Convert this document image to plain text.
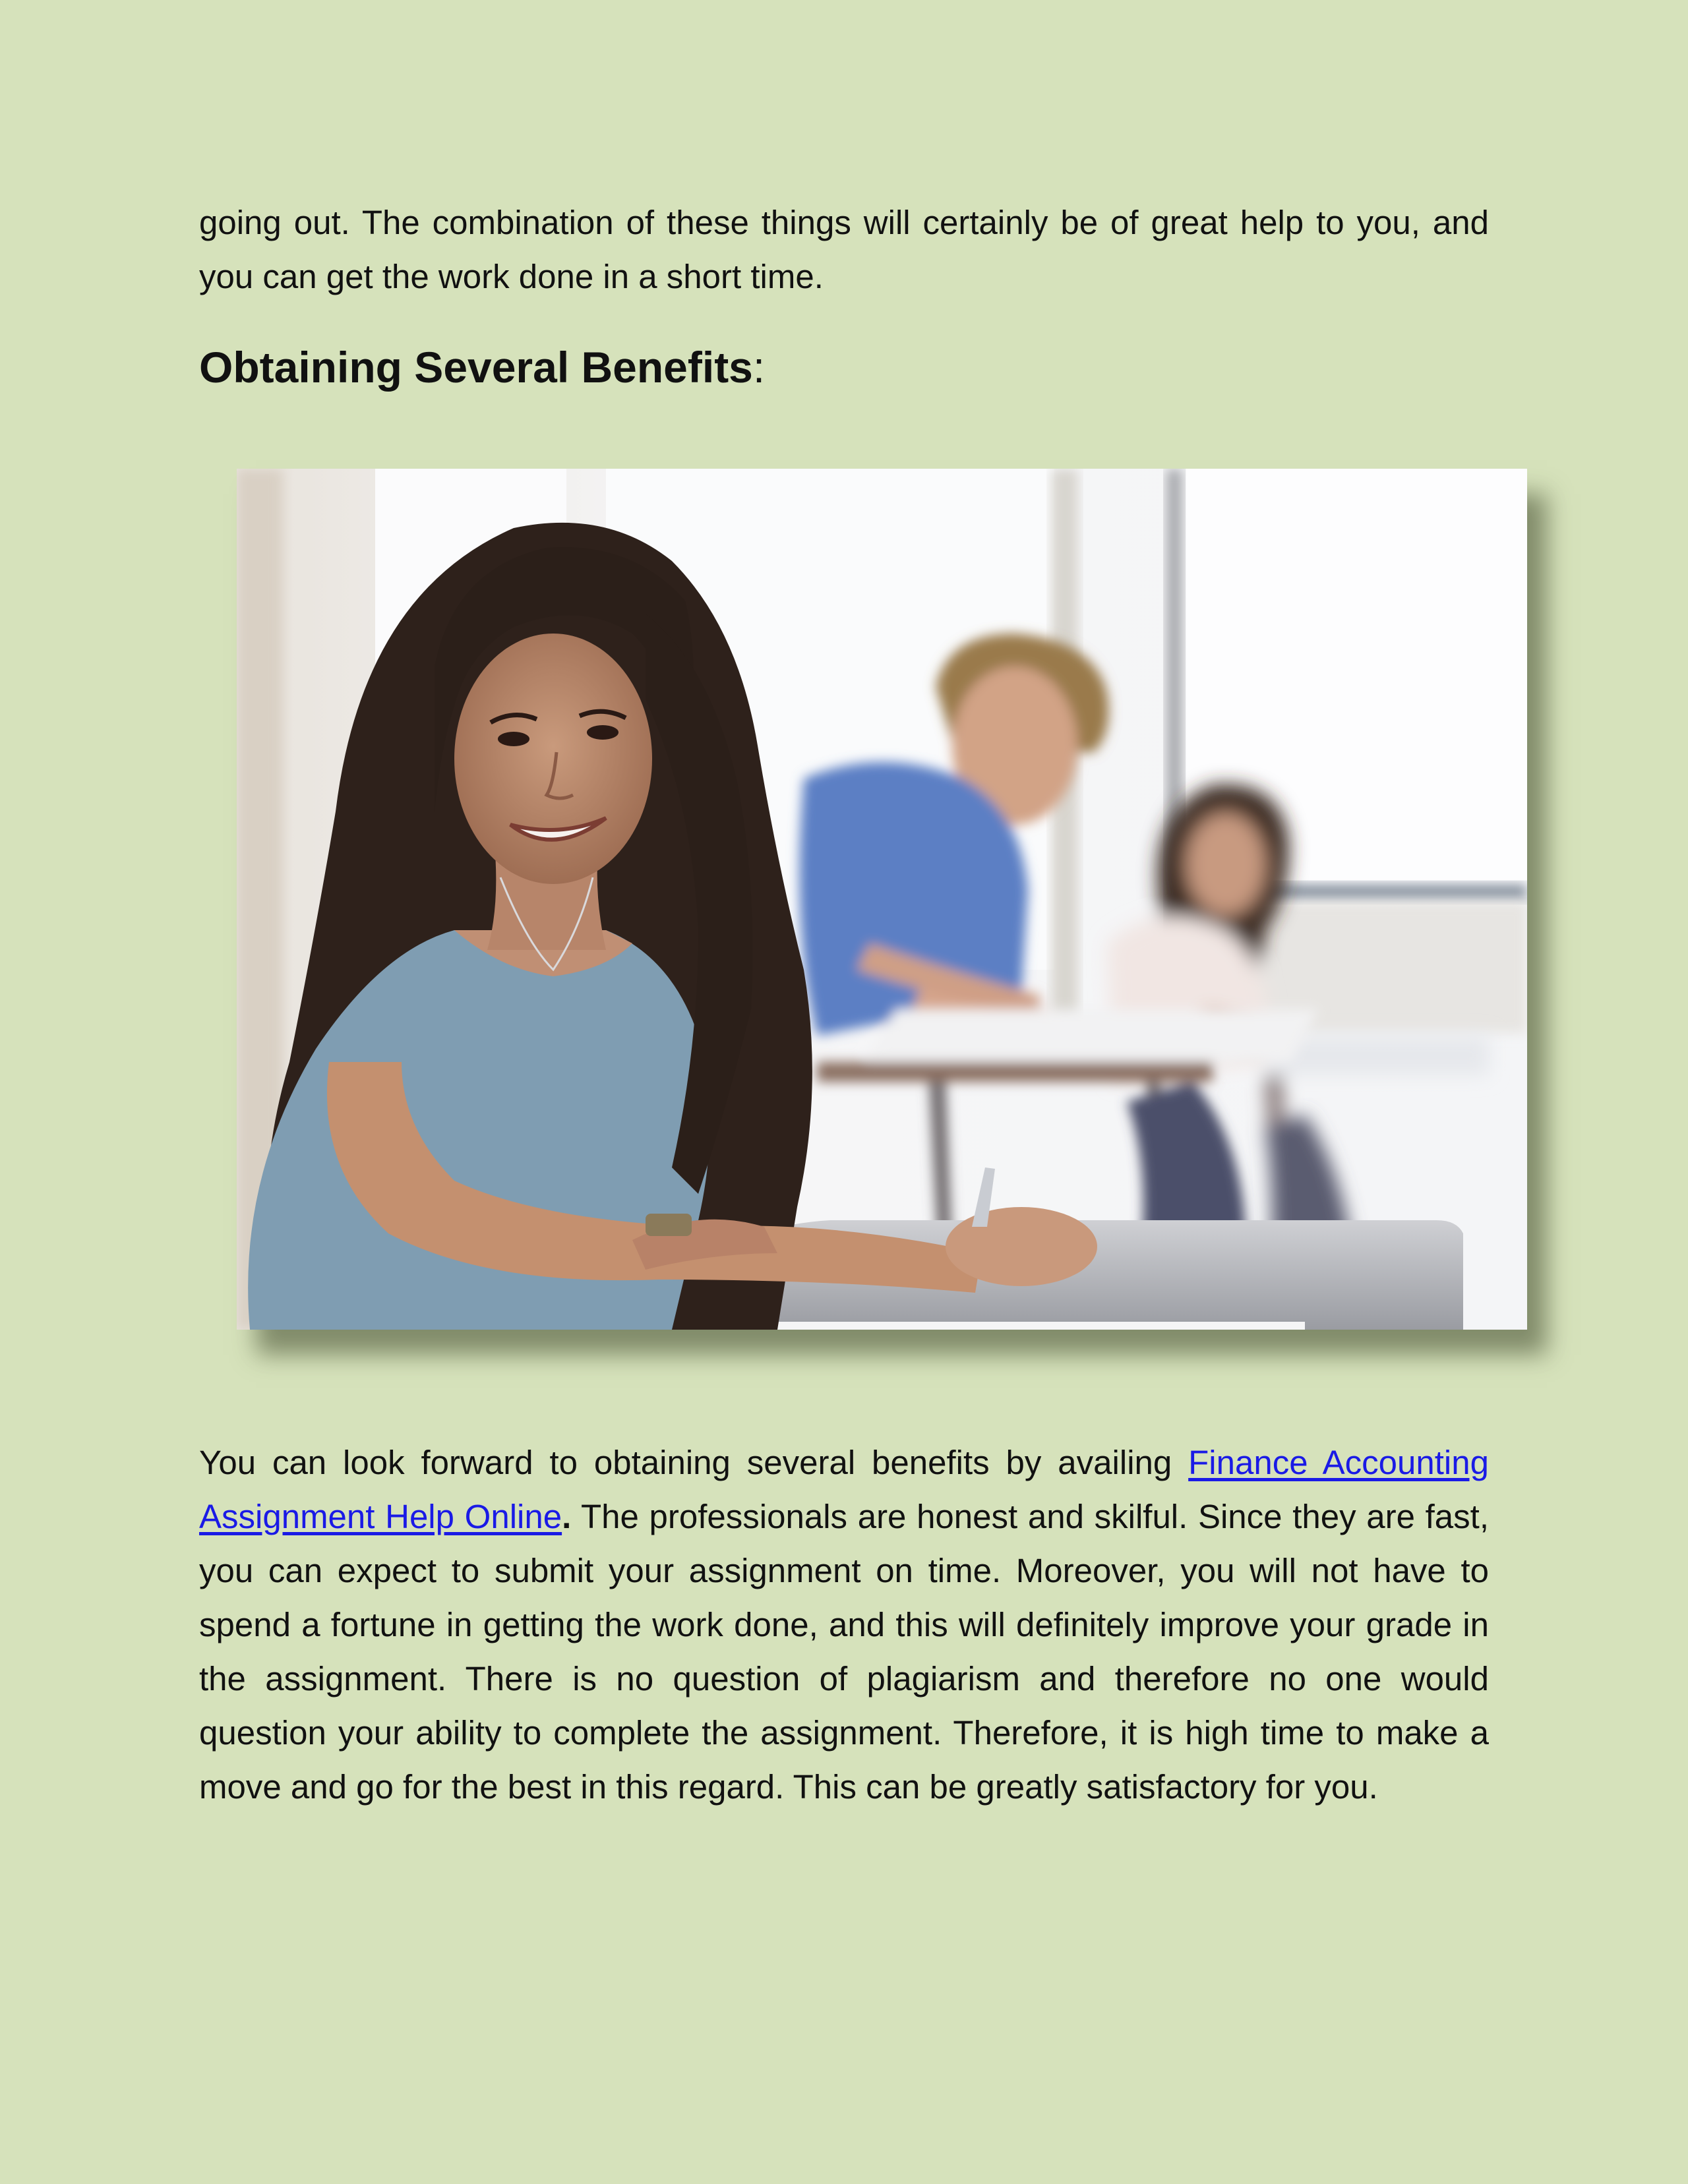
going out. The combination of these things will certainly be of great help to you, and you can get the work done in a short time.

Obtaining Several Benefits:

You can look forward to obtaining several benefits by availing Finance Accounting Assignment Help Online. The professionals are honest and skilful. Since they are fast, you can expect to submit your assignment on time. Moreover, you will not have to spend a fortune in getting the work done, and this will definitely improve your grade in the assignment. There is no question of plagiarism and therefore no one would question your ability to complete the assignment. Therefore, it is high time to make a move and go for the best in this regard. This can be greatly satisfactory for you.
